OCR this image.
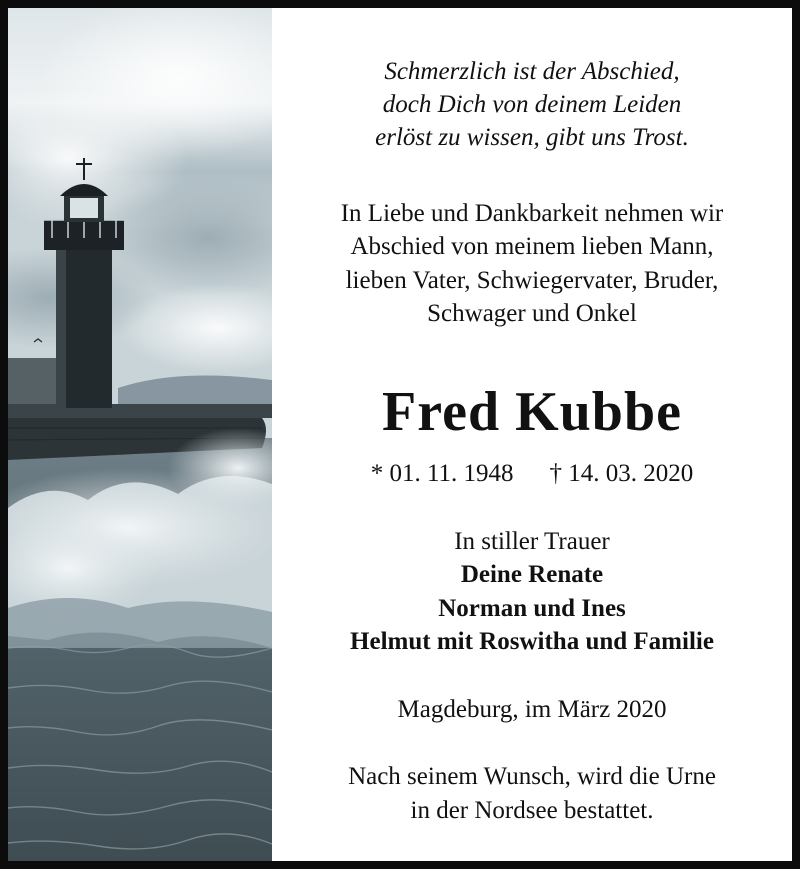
Schmerzlich ist der Abschied,
doch Dich von deinem Leiden
erlöst zu wissen, gibt uns Trost.
In Liebe und Dankbarkeit nehmen wir
Abschied von meinem lieben Mann,
lieben Vater, Schwiegervater, Bruder,
Schwager und Onkel
Fred Kubbe
* 01. 11. 1948 † 14. 03. 2020
In stiller Trauer
Deine Renate
Norman und Ines
Helmut mit Roswitha und Familie
Magdeburg, im März 2020
Nach seinem Wunsch, wird die Urne
in der Nordsee bestattet.
